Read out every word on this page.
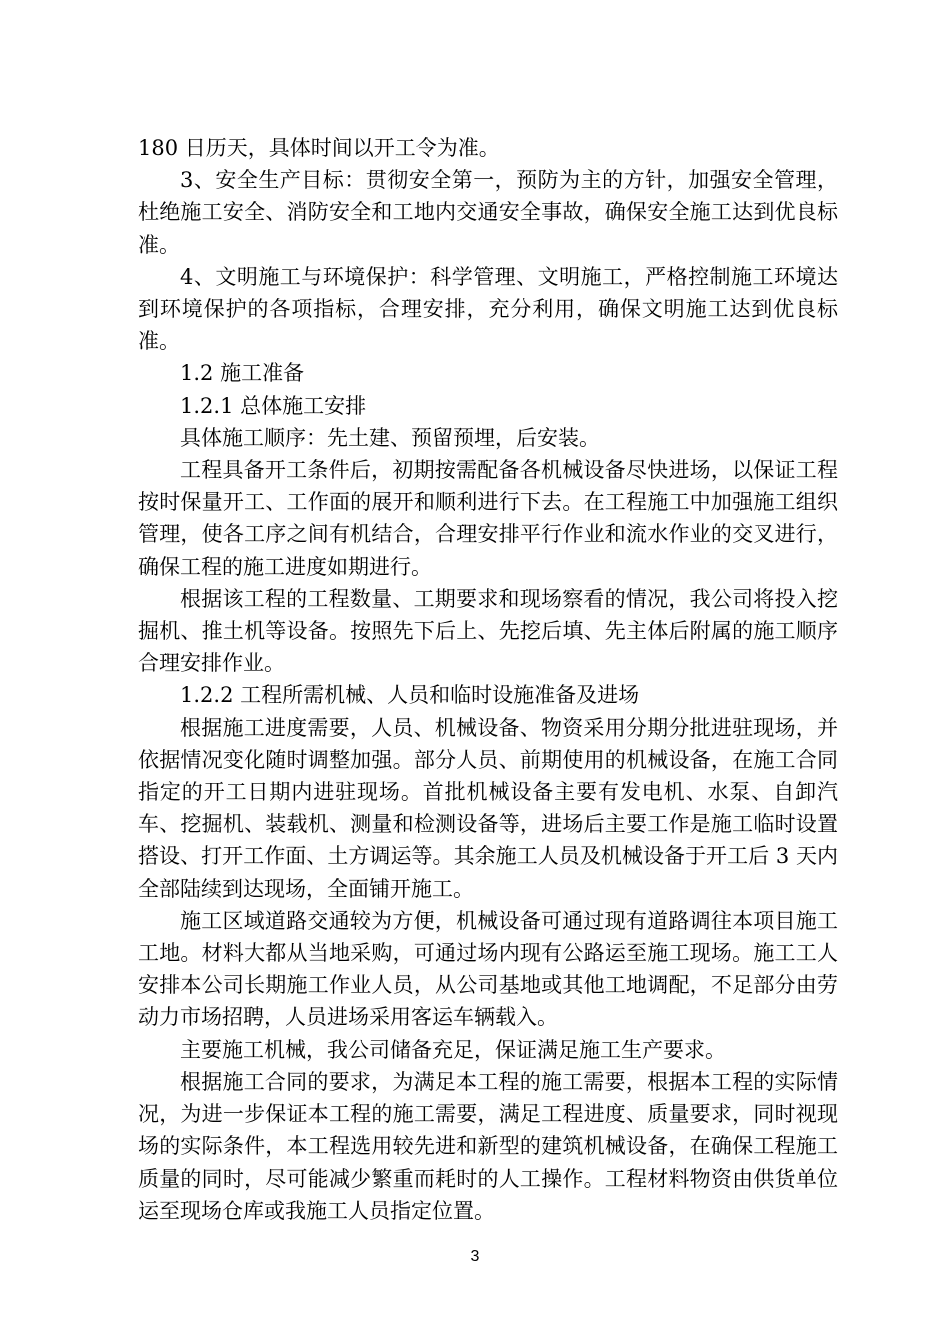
180 日历天，具体时间以开工令为准。

3、安全生产目标：贯彻安全第一，预防为主的方针，加强安全管理，杜绝施工安全、消防安全和工地内交通安全事故，确保安全施工达到优良标准。

4、文明施工与环境保护：科学管理、文明施工，严格控制施工环境达到环境保护的各项指标，合理安排，充分利用，确保文明施工达到优良标准。

1.2 施工准备

1.2.1 总体施工安排

具体施工顺序：先土建、预留预埋，后安装。

工程具备开工条件后，初期按需配备各机械设备尽快进场，以保证工程按时保量开工、工作面的展开和顺利进行下去。在工程施工中加强施工组织管理，使各工序之间有机结合，合理安排平行作业和流水作业的交叉进行，确保工程的施工进度如期进行。

根据该工程的工程数量、工期要求和现场察看的情况，我公司将投入挖掘机、推土机等设备。按照先下后上、先挖后填、先主体后附属的施工顺序合理安排作业。

1.2.2 工程所需机械、人员和临时设施准备及进场

根据施工进度需要，人员、机械设备、物资采用分期分批进驻现场，并依据情况变化随时调整加强。部分人员、前期使用的机械设备，在施工合同指定的开工日期内进驻现场。首批机械设备主要有发电机、水泵、自卸汽车、挖掘机、装载机、测量和检测设备等，进场后主要工作是施工临时设置搭设、打开工作面、土方调运等。其余施工人员及机械设备于开工后 3 天内全部陆续到达现场，全面铺开施工。

施工区域道路交通较为方便，机械设备可通过现有道路调往本项目施工工地。材料大都从当地采购，可通过场内现有公路运至施工现场。施工工人安排本公司长期施工作业人员，从公司基地或其他工地调配，不足部分由劳动力市场招聘，人员进场采用客运车辆载入。

主要施工机械，我公司储备充足，保证满足施工生产要求。

根据施工合同的要求，为满足本工程的施工需要，根据本工程的实际情况，为进一步保证本工程的施工需要，满足工程进度、质量要求，同时视现场的实际条件，本工程选用较先进和新型的建筑机械设备，在确保工程施工质量的同时，尽可能减少繁重而耗时的人工操作。工程材料物资由供货单位运至现场仓库或我施工人员指定位置。

3
